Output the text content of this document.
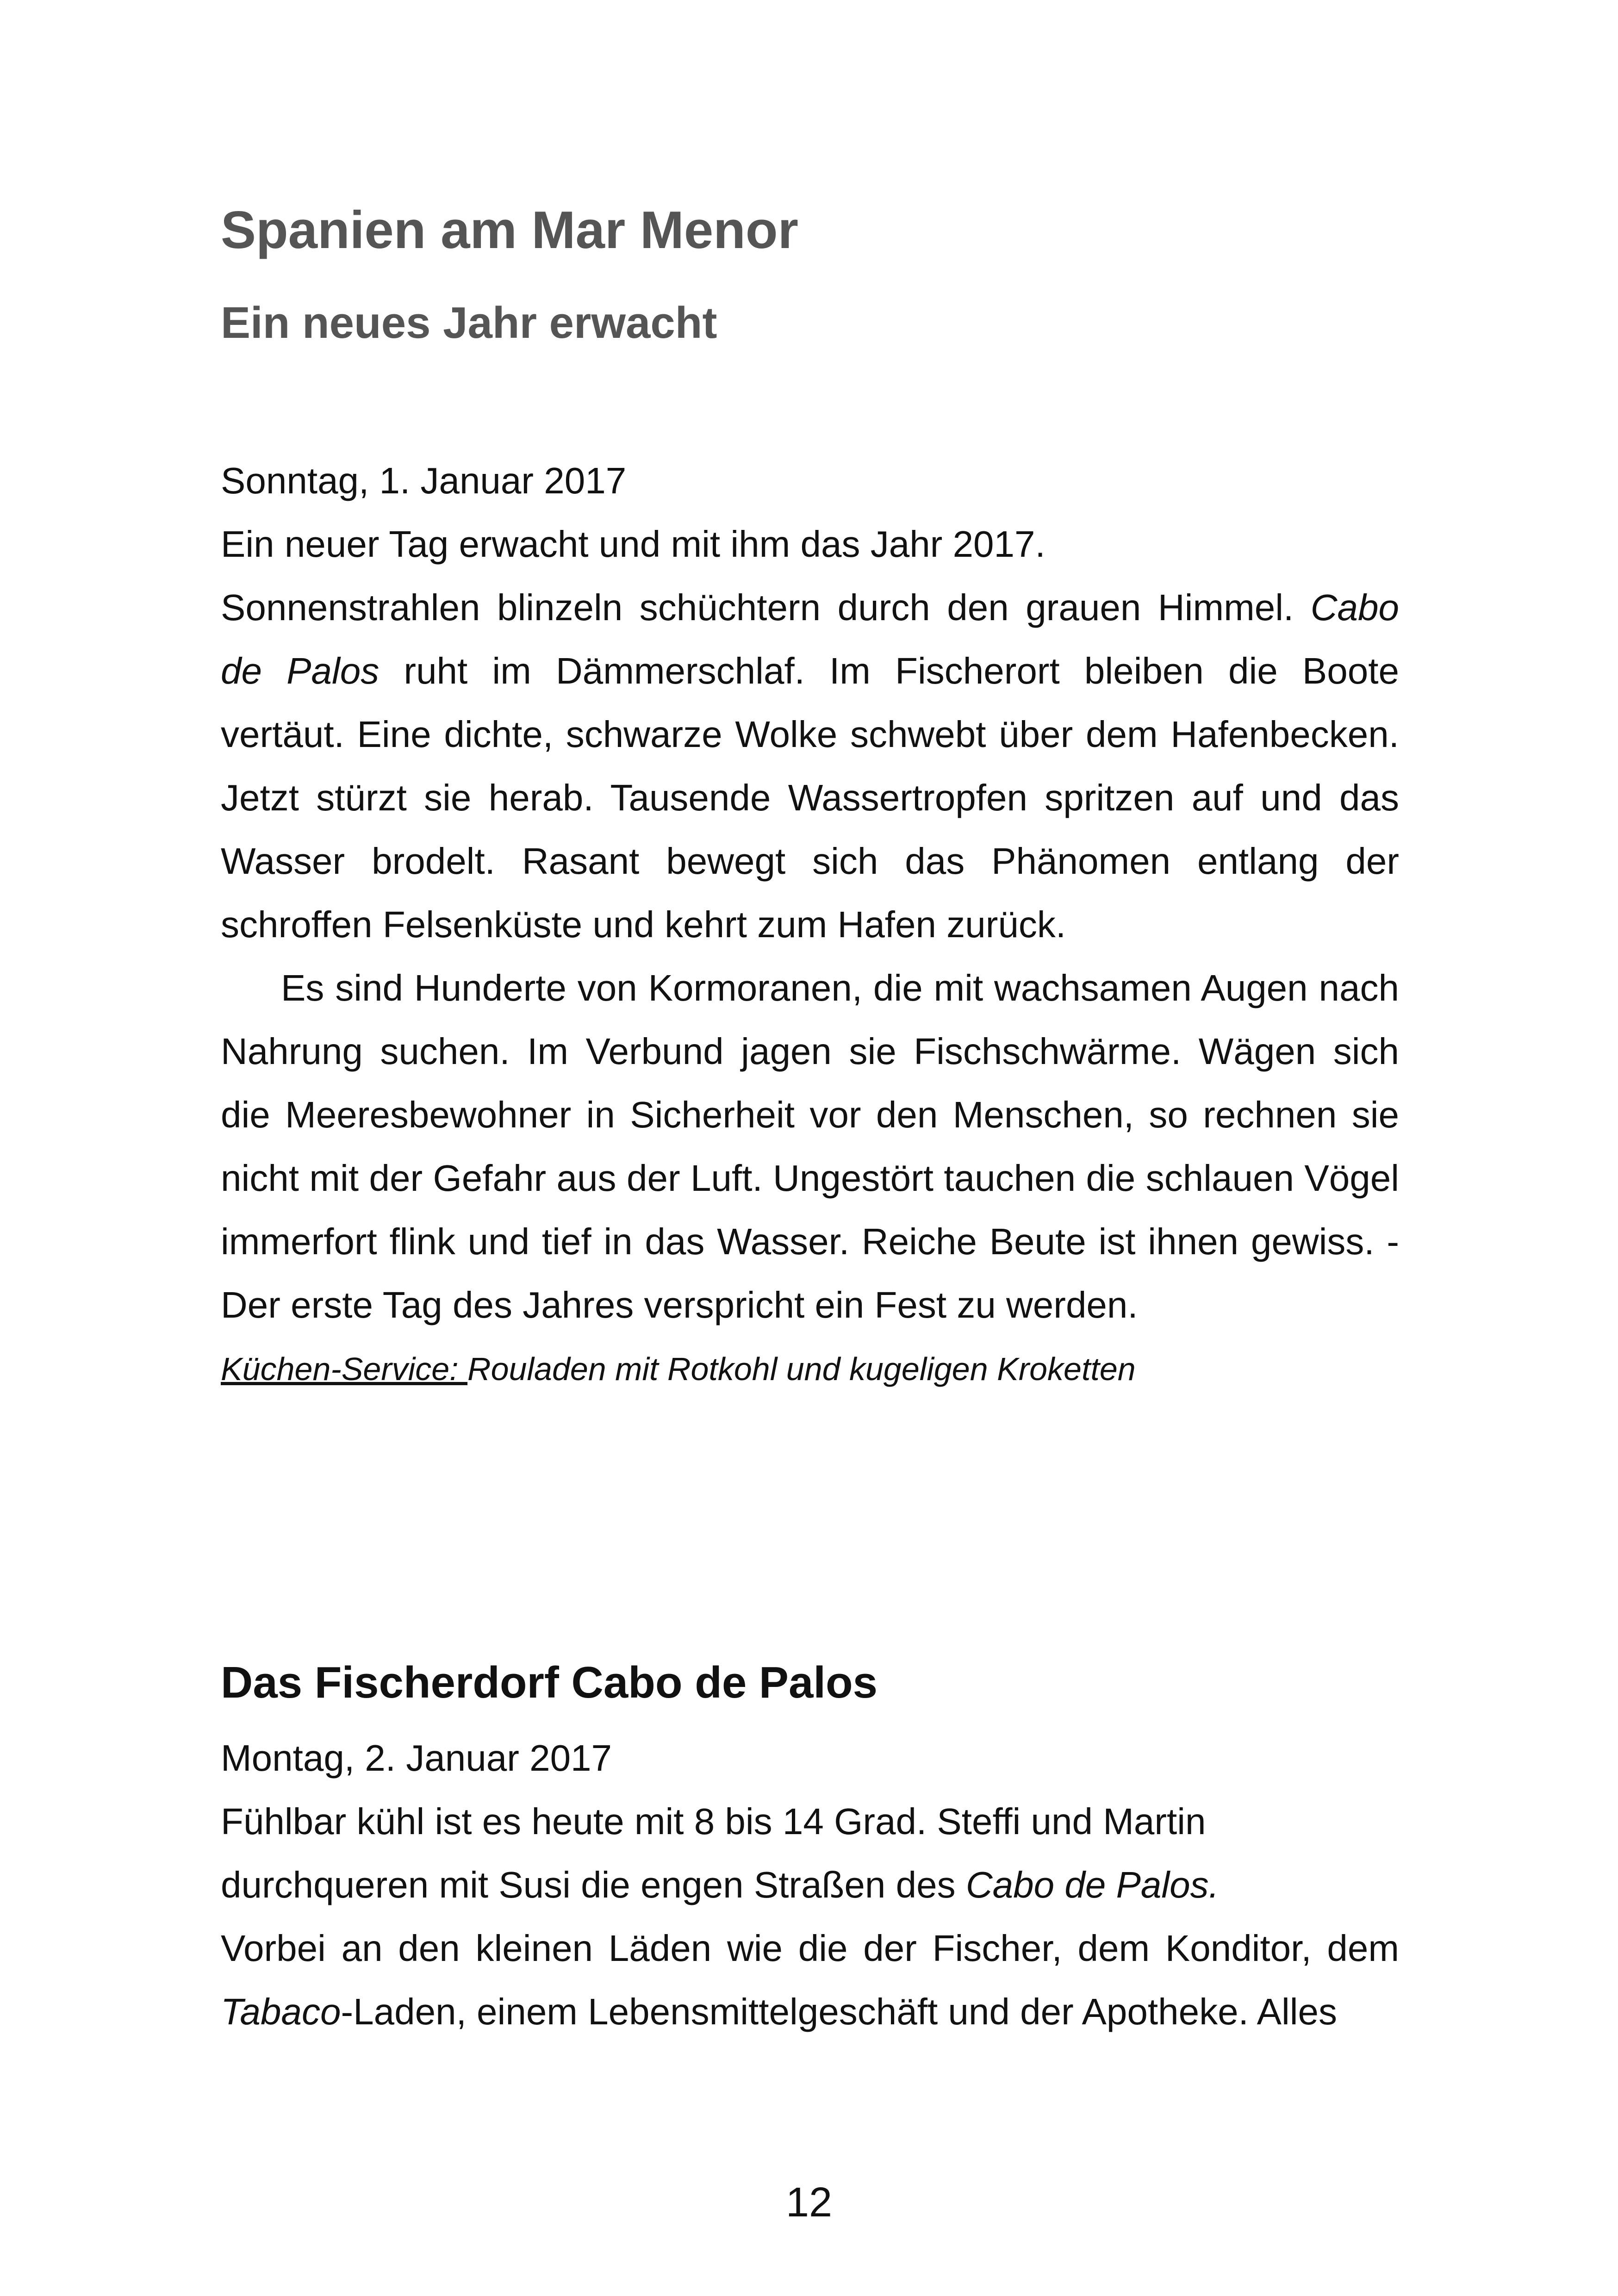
Spanien am Mar Menor
Ein neues Jahr erwacht

Sonntag, 1. Januar 2017

Ein neuer Tag erwacht und mit ihm das Jahr 2017.

Sonnenstrahlen blinzeln schüchtern durch den grauen Himmel. Cabo de Palos ruht im Dämmerschlaf. Im Fischerort bleiben die Boote vertäut. Eine dichte, schwarze Wolke schwebt über dem Hafenbecken. Jetzt stürzt sie herab. Tausende Wassertropfen spritzen auf und das Wasser brodelt. Rasant bewegt sich das Phänomen entlang der schroffen Felsenküste und kehrt zum Hafen zurück.

Es sind Hunderte von Kormoranen, die mit wachsamen Augen nach Nahrung suchen. Im Verbund jagen sie Fischschwärme. Wägen sich die Meeresbewohner in Sicherheit vor den Menschen, so rechnen sie nicht mit der Gefahr aus der Luft. Ungestört tauchen die schlauen Vögel immerfort flink und tief in das Wasser. Reiche Beute ist ihnen gewiss. - Der erste Tag des Jahres verspricht ein Fest zu werden.

Küchen-Service: Rouladen mit Rotkohl und kugeligen Kroketten

Das Fischerdorf Cabo de Palos

Montag, 2. Januar 2017

Fühlbar kühl ist es heute mit 8 bis 14 Grad. Steffi und Martin

durchqueren mit Susi die engen Straßen des Cabo de Palos.

Vorbei an den kleinen Läden wie die der Fischer, dem Konditor, dem Tabaco-Laden, einem Lebensmittelgeschäft und der Apotheke. Alles

12
